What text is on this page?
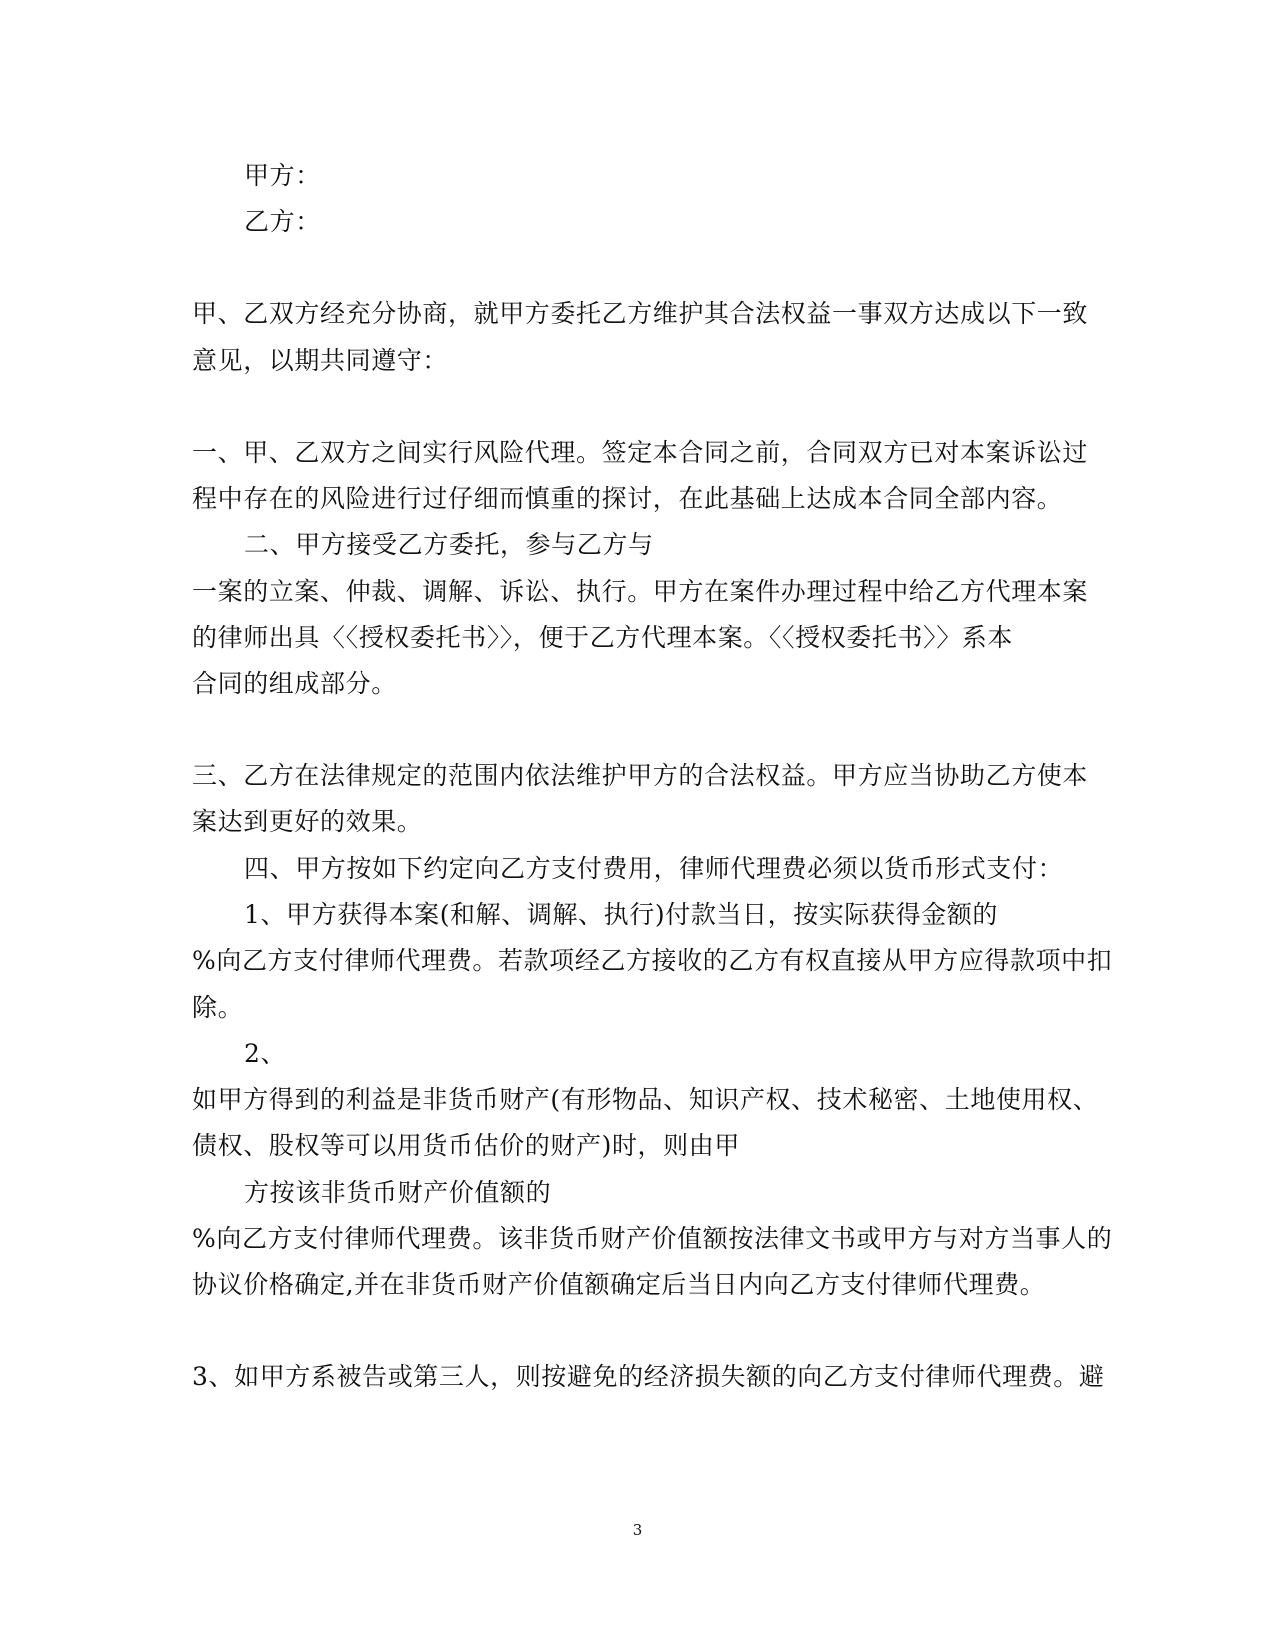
甲方：

乙方：

甲、乙双方经充分协商，就甲方委托乙方维护其合法权益一事双方达成以下一致

意见，以期共同遵守：

一、甲、乙双方之间实行风险代理。签定本合同之前，合同双方已对本案诉讼过

程中存在的风险进行过仔细而慎重的探讨，在此基础上达成本合同全部内容。

二、甲方接受乙方委托，参与乙方与

一案的立案、仲裁、调解、诉讼、执行。甲方在案件办理过程中给乙方代理本案

的律师出具〈〈授权委托书〉〉，便于乙方代理本案。〈〈授权委托书〉〉系本

合同的组成部分。

三、乙方在法律规定的范围内依法维护甲方的合法权益。甲方应当协助乙方使本

案达到更好的效果。

四、甲方按如下约定向乙方支付费用，律师代理费必须以货币形式支付：

1、甲方获得本案(和解、调解、执行)付款当日，按实际获得金额的

%向乙方支付律师代理费。若款项经乙方接收的乙方有权直接从甲方应得款项中扣

除。

2、

如甲方得到的利益是非货币财产(有形物品、知识产权、技术秘密、土地使用权、

债权、股权等可以用货币估价的财产)时，则由甲

方按该非货币财产价值额的

%向乙方支付律师代理费。该非货币财产价值额按法律文书或甲方与对方当事人的

协议价格确定,并在非货币财产价值额确定后当日内向乙方支付律师代理费。

3、如甲方系被告或第三人，则按避免的经济损失额的向乙方支付律师代理费。避

3
